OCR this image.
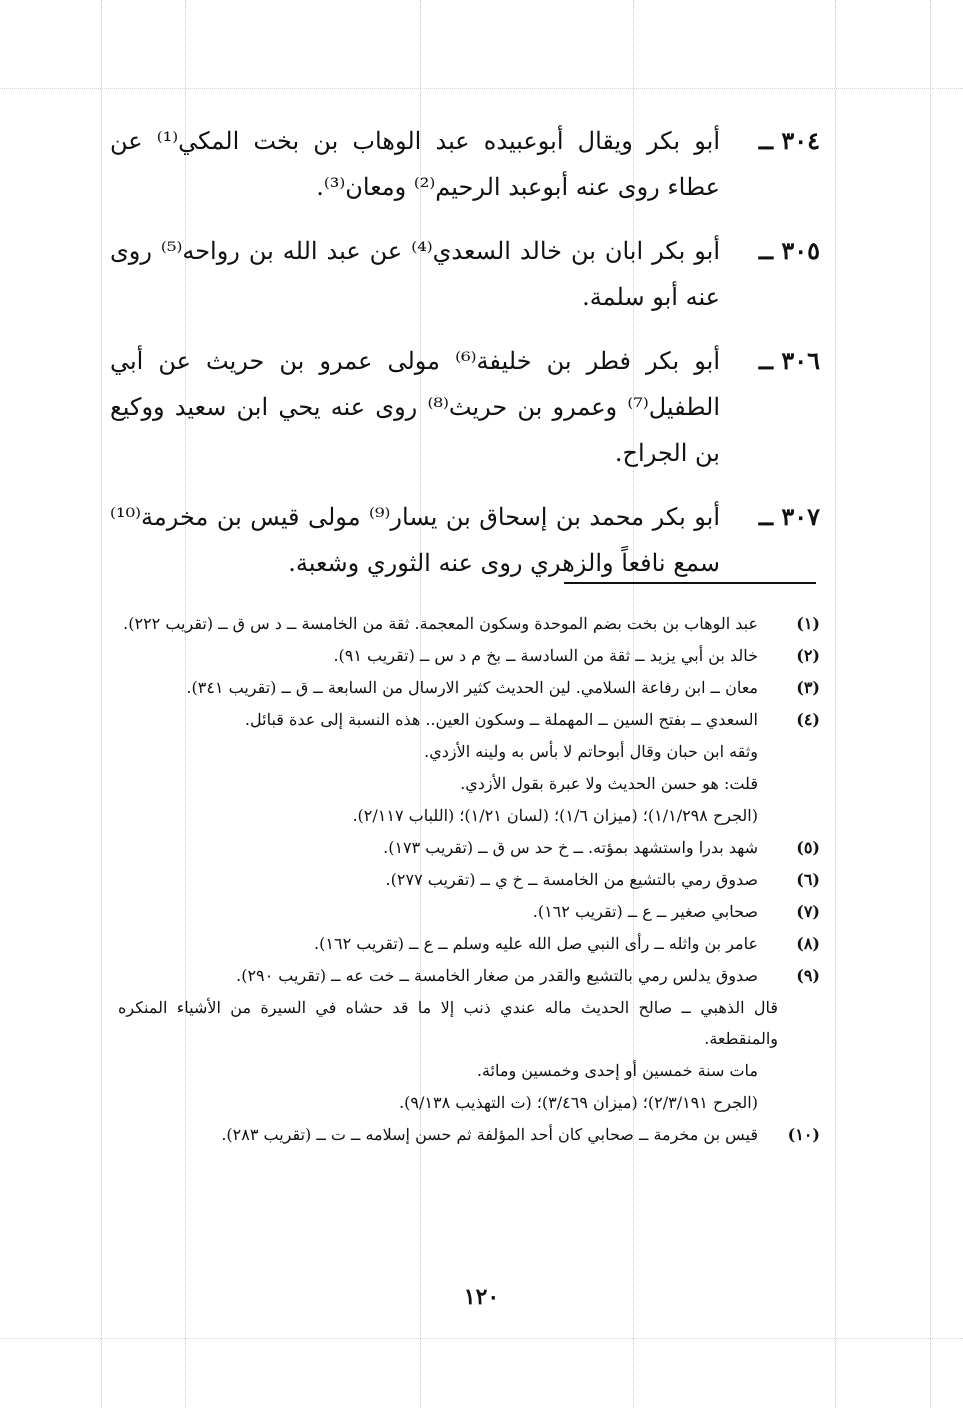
٣٠٤ ــ
أبو بكر ويقال أبوعبيده عبد الوهاب بن بخت المكي⁽¹⁾ عن عطاء روى عنه أبوعبد الرحيم⁽²⁾ ومعان⁽³⁾.
٣٠٥ ــ
أبو بكر ابان بن خالد السعدي⁽⁴⁾ عن عبد الله بن رواحه⁽⁵⁾ روى عنه أبو سلمة.
٣٠٦ ــ
أبو بكر فطر بن خليفة⁽⁶⁾ مولى عمرو بن حريث عن أبي الطفيل⁽⁷⁾ وعمرو بن حريث⁽⁸⁾ روى عنه يحي ابن سعيد ووكيع بن الجراح.
٣٠٧ ــ
أبو بكر محمد بن إسحاق بن يسار⁽⁹⁾ مولى قيس بن مخرمة⁽¹⁰⁾ سمع نافعاً والزهري روى عنه الثوري وشعبة.
(١)
عبد الوهاب بن بخت بضم الموحدة وسكون المعجمة. ثقة من الخامسة ــ د س ق ــ (تقريب ٢٢٢).
(٢)
خالد بن أبي يزيد ــ ثقة من السادسة ــ بخ م د س ــ (تقريب ٩١).
(٣)
معان ــ ابن رفاعة السلامي. لين الحديث كثير الارسال من السابعة ــ ق ــ (تقريب ٣٤١).
(٤)
السعدي ــ بفتح السين ــ المهملة ــ وسكون العين.. هذه النسبة إلى عدة قبائل.
وثقه ابن حبان وقال أبوحاتم لا بأس به ولينه الأزدي.
قلت: هو حسن الحديث ولا عبرة بقول الأزدي.
(الجرح ١/١/٢٩٨)؛ (ميزان ١/٦)؛ (لسان ١/٢١)؛ (اللباب ٢/١١٧).
(٥)
شهد بدرا واستشهد بمؤته. ــ خ حد س ق ــ (تقريب ١٧٣).
(٦)
صدوق رمي بالتشيع من الخامسة ــ خ ي ــ (تقريب ٢٧٧).
(٧)
صحابي صغير ــ ع ــ (تقريب ١٦٢).
(٨)
عامر بن واثله ــ رأى النبي صل الله عليه وسلم ــ ع ــ (تقريب ١٦٢).
(٩)
صدوق يدلس رمي بالتشيع والقدر من صغار الخامسة ــ خت عه ــ (تقريب ٢٩٠).
قال الذهبي ــ صالح الحديث ماله عندي ذنب إلا ما قد حشاه في السيرة من الأشياء المنكره والمنقطعة.
مات سنة خمسين أو إحدى وخمسين ومائة.
(الجرح ٢/٣/١٩١)؛ (ميزان ٣/٤٦٩)؛ (ت التهذيب ٩/١٣٨).
(١٠)
قيس بن مخرمة ــ صحابي كان أحد المؤلفة ثم حسن إسلامه ــ ت ــ (تقريب ٢٨٣).
١٢٠
